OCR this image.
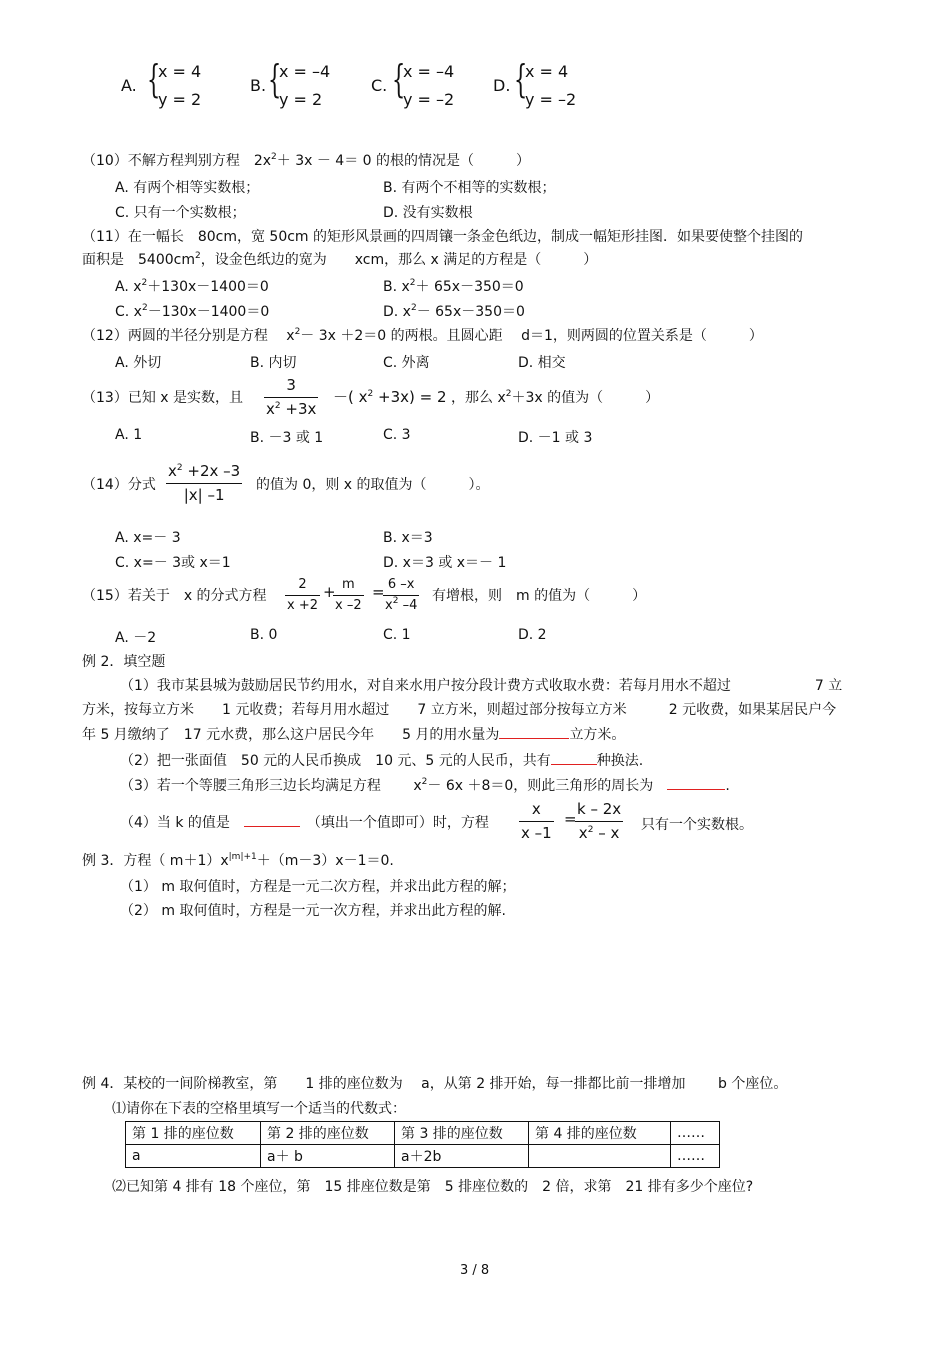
A. {
x = 4
y = 2
B. {
x = –4
y = 2
C. {
x = –4
y = –2
D. {
x = 4
y = –2
（10）不解方程判别方程　$2x^2+ 3x - 4= 0$ 的根的情况是（　　　）
A. 有两个相等实数根；	B. 有两个不相等的实数根；
C. 只有一个实数根；	D. 没有实数根
（11）在一幅长　80cm，宽 50cm 的矩形风景画的四周镶一条金色纸边，制成一幅矩形挂图．如果要使整个挂图的
面积是　$5400cm^2$，设金色纸边的宽为　　xcm，那么 x 满足的方程是（　　　）
A. $x^2+130x-1400=0$	B. $x^2+ 65x-350=0$
C. $x^2-130x-1400=0$	D. $x^2- 65x-350=0$
（12）两圆的半径分别是方程　 $x^2- 3x +2=0$ 的两根。且圆心距　 d＝1，则两圆的位置关系是（　　　）
A. 外切	B. 内切	C. 外离	D. 相交
（13）已知 x 是实数，且
3
$x^2 +3x$
－( $x^2 +3x) = 2$ ，那么 $x^2+3x$ 的值为（　　　）
A. 1	B. －3 或 1	C. 3	D. －1 或 3
（14）分式
$x^2 +2x$ –3
|x| –1
的值为 0，则 x 的取值为（　　　）。
A. x=－ 3	B. x＝3
C. x=－ 3或 x＝1	D. x＝3 或 x＝－ 1
（15）若关于　x 的分式方程
2
x +2
+ m
x –2
= 6 –x
$x^2$ –4
有增根，则　m 的值为（　　　）
A. －2	B. 0	C. 1	D. 2
例 2．填空题
（1）我市某县城为鼓励居民节约用水，对自来水用户按分段计费方式收取水费：若每月用水不超过　　　　　　7 立
方米，按每立方米　　1 元收费；若每月用水超过　　7 立方米，则超过部分按每立方米　　　2 元收费，如果某居民户今
年 5 月缴纳了　17 元水费，那么这户居民今年　　5 月的用水量为	立方米。
（2）把一张面值　50 元的人民币换成　10 元、5 元的人民币，共有	种换法.
（3）若一个等腰三角形三边长均满足方程　　 $x^2- 6x +8=0$，则此三角形的周长为　	.
（4）当 k 的值是　　	（填出一个值即可）时，方程
x
x –1
=
k – 2x
$x^2$ – x 只有一个实数根。
例 3．方程（ $m+1)x^{|m|+1}+(m-3)x-1=0$.
（1） m 取何值时，方程是一元二次方程，并求出此方程的解；
（2） m 取何值时，方程是一元一次方程，并求出此方程的解.
例 4．某校的一间阶梯教室，第　　1 排的座位数为　 a，从第 2 排开始，每一排都比前一排增加　　 b 个座位。
⑴请你在下表的空格里填写一个适当的代数式：
第 1 排的座位数	第 2 排的座位数	第 3 排的座位数	第 4 排的座位数	……
a	a＋ b	a＋2b		……
⑵已知第 4 排有 18 个座位，第　15 排座位数是第　5 排座位数的　2 倍，求第　21 排有多少个座位?
3 / 8
